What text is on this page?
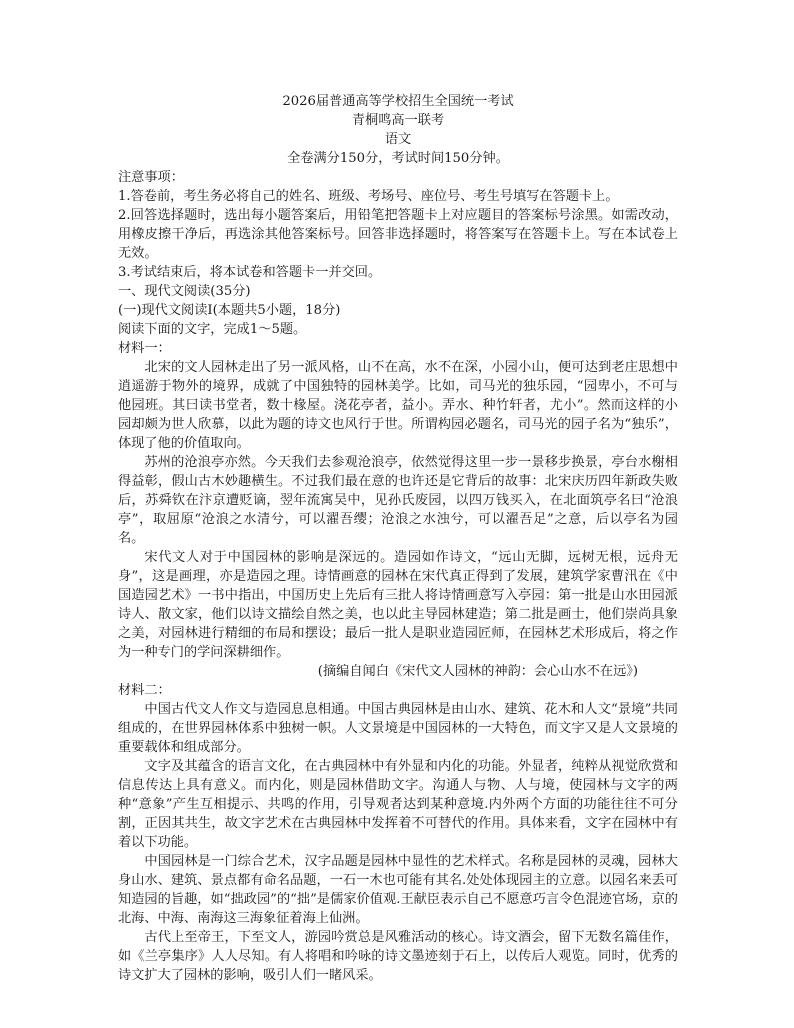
2026届普通高等学校招生全国统一考试
青桐鸣高一联考
语文
全卷满分150分，考试时间150分钟。

注意事项：

1.答卷前，考生务必将自己的姓名、班级、考场号、座位号、考生号填写在答题卡上。

2.回答选择题时，选出每小题答案后，用铅笔把答题卡上对应题目的答案标号涂黑。如需改动，用橡皮擦干净后，再选涂其他答案标号。回答非选择题时，将答案写在答题卡上。写在本试卷上无效。

3.考试结束后，将本试卷和答题卡一并交回。

一、现代文阅读(35分)

(一)现代文阅读Ⅰ(本题共5小题，18分)

阅读下面的文字，完成1～5题。

材料一：

北宋的文人园林走出了另一派风格，山不在高，水不在深，小园小山，便可达到老庄思想中逍遥游于物外的境界，成就了中国独特的园林美学。比如，司马光的独乐园，“园卑小，不可与他园班。其曰读书堂者，数十椽屋。浇花亭者，益小。弄水、种竹轩者，尤小”。然而这样的小园却颇为世人欣慕，以此为题的诗文也风行于世。所谓构园必题名，司马光的园子名为“独乐”，体现了他的价值取向。

苏州的沧浪亭亦然。今天我们去参观沧浪亭，依然觉得这里一步一景移步换景，亭台水榭相得益彰，假山古木妙趣横生。不过我们最在意的也许还是它背后的故事：北宋庆历四年新政失败后，苏舜钦在汴京遭贬谪，翌年流寓吴中，见孙氏废园，以四万钱买入，在北面筑亭名曰“沧浪亭”，取屈原“沧浪之水清兮，可以濯吾缨；沧浪之水浊兮，可以濯吾足”之意，后以亭名为园名。

宋代文人对于中国园林的影响是深远的。造园如作诗文，“远山无脚，远树无根，远舟无身”，这是画理，亦是造园之理。诗情画意的园林在宋代真正得到了发展，建筑学家曹汛在《中国造园艺术》一书中指出，中国历史上先后有三批人将诗情画意写入亭园：第一批是山水田园派诗人、散文家，他们以诗文描绘自然之美，也以此主导园林建造；第二批是画士，他们崇尚具象之美，对园林进行精细的布局和摆设；最后一批人是职业造园匠师，在园林艺术形成后，将之作为一种专门的学问深耕细作。

(摘编自闻白《宋代文人园林的神韵：会心山水不在远》)

材料二：

中国古代文人作文与造园息息相通。中国古典园林是由山水、建筑、花木和人文“景境”共同组成的，在世界园林体系中独树一帜。人文景境是中国园林的一大特色，而文字又是人文景境的重要载体和组成部分。

文字及其蕴含的语言文化，在古典园林中有外显和内化的功能。外显者，纯粹从视觉欣赏和信息传达上具有意义。而内化，则是园林借助文字。沟通人与物、人与境，使园林与文字的两种“意象”产生互相提示、共鸣的作用，引导观者达到某种意境.内外两个方面的功能往往不可分割，正因其共生，故文字艺术在古典园林中发挥着不可替代的作用。具体来看，文字在园林中有着以下功能。

中国园林是一门综合艺术，汉字品题是园林中显性的艺术样式。名称是园林的灵魂，园林大身山水、建筑、景点都有命名品题，一石一木也可能有其名.处处体现园主的立意。以园名来丢可知造园的旨趣，如“拙政园”的“拙”是儒家价值观.王献臣表示自己不愿意巧言令色混迹官场，京的北海、中海、南海这三海象征着海上仙洲。

古代上至帝王，下至文人，游园吟赏总是风雅活动的核心。诗文酒会，留下无数名篇佳作，如《兰亭集序》人人尽知。有人将唱和吟咏的诗文墨迹刻于石上，以传后人观览。同时，优秀的诗文扩大了园林的影响，吸引人们一睹风采。
